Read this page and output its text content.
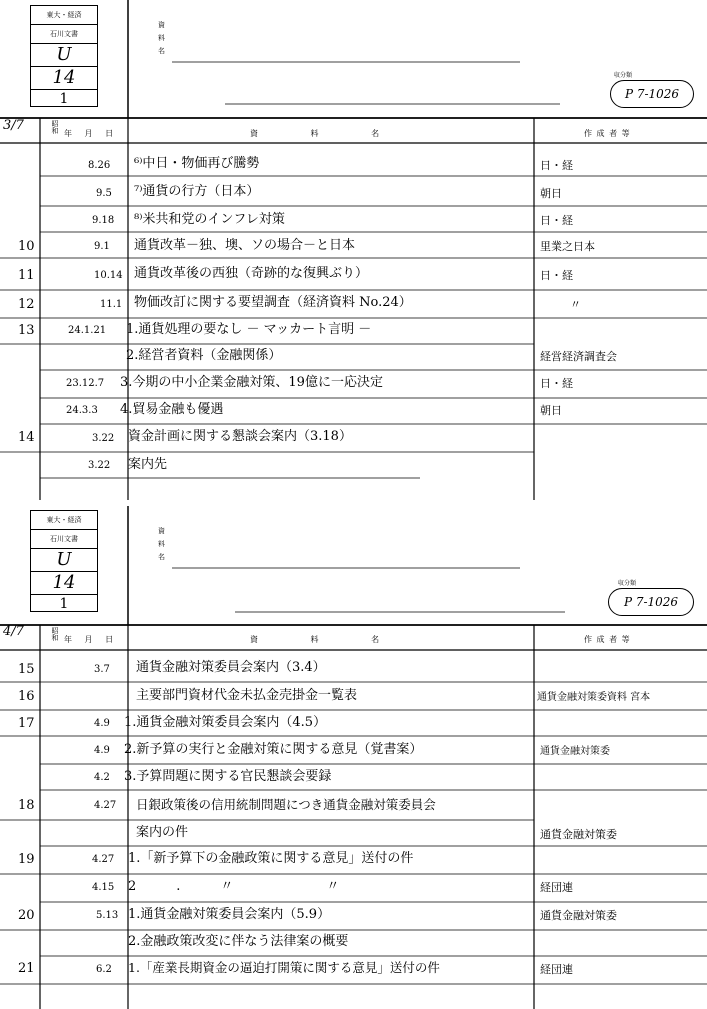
東大・経済
石川文書
U
14
1
資
料
名
収分類
P 7-1026
3/7	昭和 年 月 日	資 料 名	作 成 者 等
8.26 ⁶⁾中日・物価再び騰勢	日・経
9.5 ⁷⁾通貨の行方（日本）	朝日
9.18 ⁸⁾米共和党のインフレ対策	日・経
10	9.1 通貨改革－独、墺、ソの場合－と日本	里業之日本
11	10.14 通貨改革後の西独（奇跡的な復興ぶり）	日・経
12	11.1 物価改訂に関する要望調査（経済資料 No.24）	〃
13	24.1.21 1.通貨処理の要なし － マッカート言明 －
2.経営者資料（金融関係）	経営経済調査会
23.12.7 3.今期の中小企業金融対策、19億に一応決定	日・経
24.3.3 4.貿易金融も優遇	朝日
14	3.22 資金計画に関する懇談会案内（3.18）
3.22 案内先
東大・経済
石川文書
U
14
1
資
料
名
収分類
P 7-1026
4/7	昭和 年 月 日	資 料 名	作 成 者 等
15	3.7 通貨金融対策委員会案内（3.4）
16	主要部門資材代金未払金売掛金一覧表	通貨金融対策委資料 宮本
17	4.9 1.通貨金融対策委員会案内（4.5）
4.9 2.新予算の実行と金融対策に関する意見（覚書案）	通貨金融対策委
4.2 3.予算問題に関する官民懇談会要録
18	4.27 日銀政策後の信用統制問題につき通貨金融対策委員会
案内の件	通貨金融対策委
19	4.27 1.「新予算下の金融政策に関する意見」送付の件
4.15 2.〃　〃	経団連
20	5.13 1.通貨金融対策委員会案内（5.9）	通貨金融対策委
2.金融政策改変に伴なう法律案の概要
21	6.2 1.「産業長期資金の逼迫打開策に関する意見」送付の件	経団連
